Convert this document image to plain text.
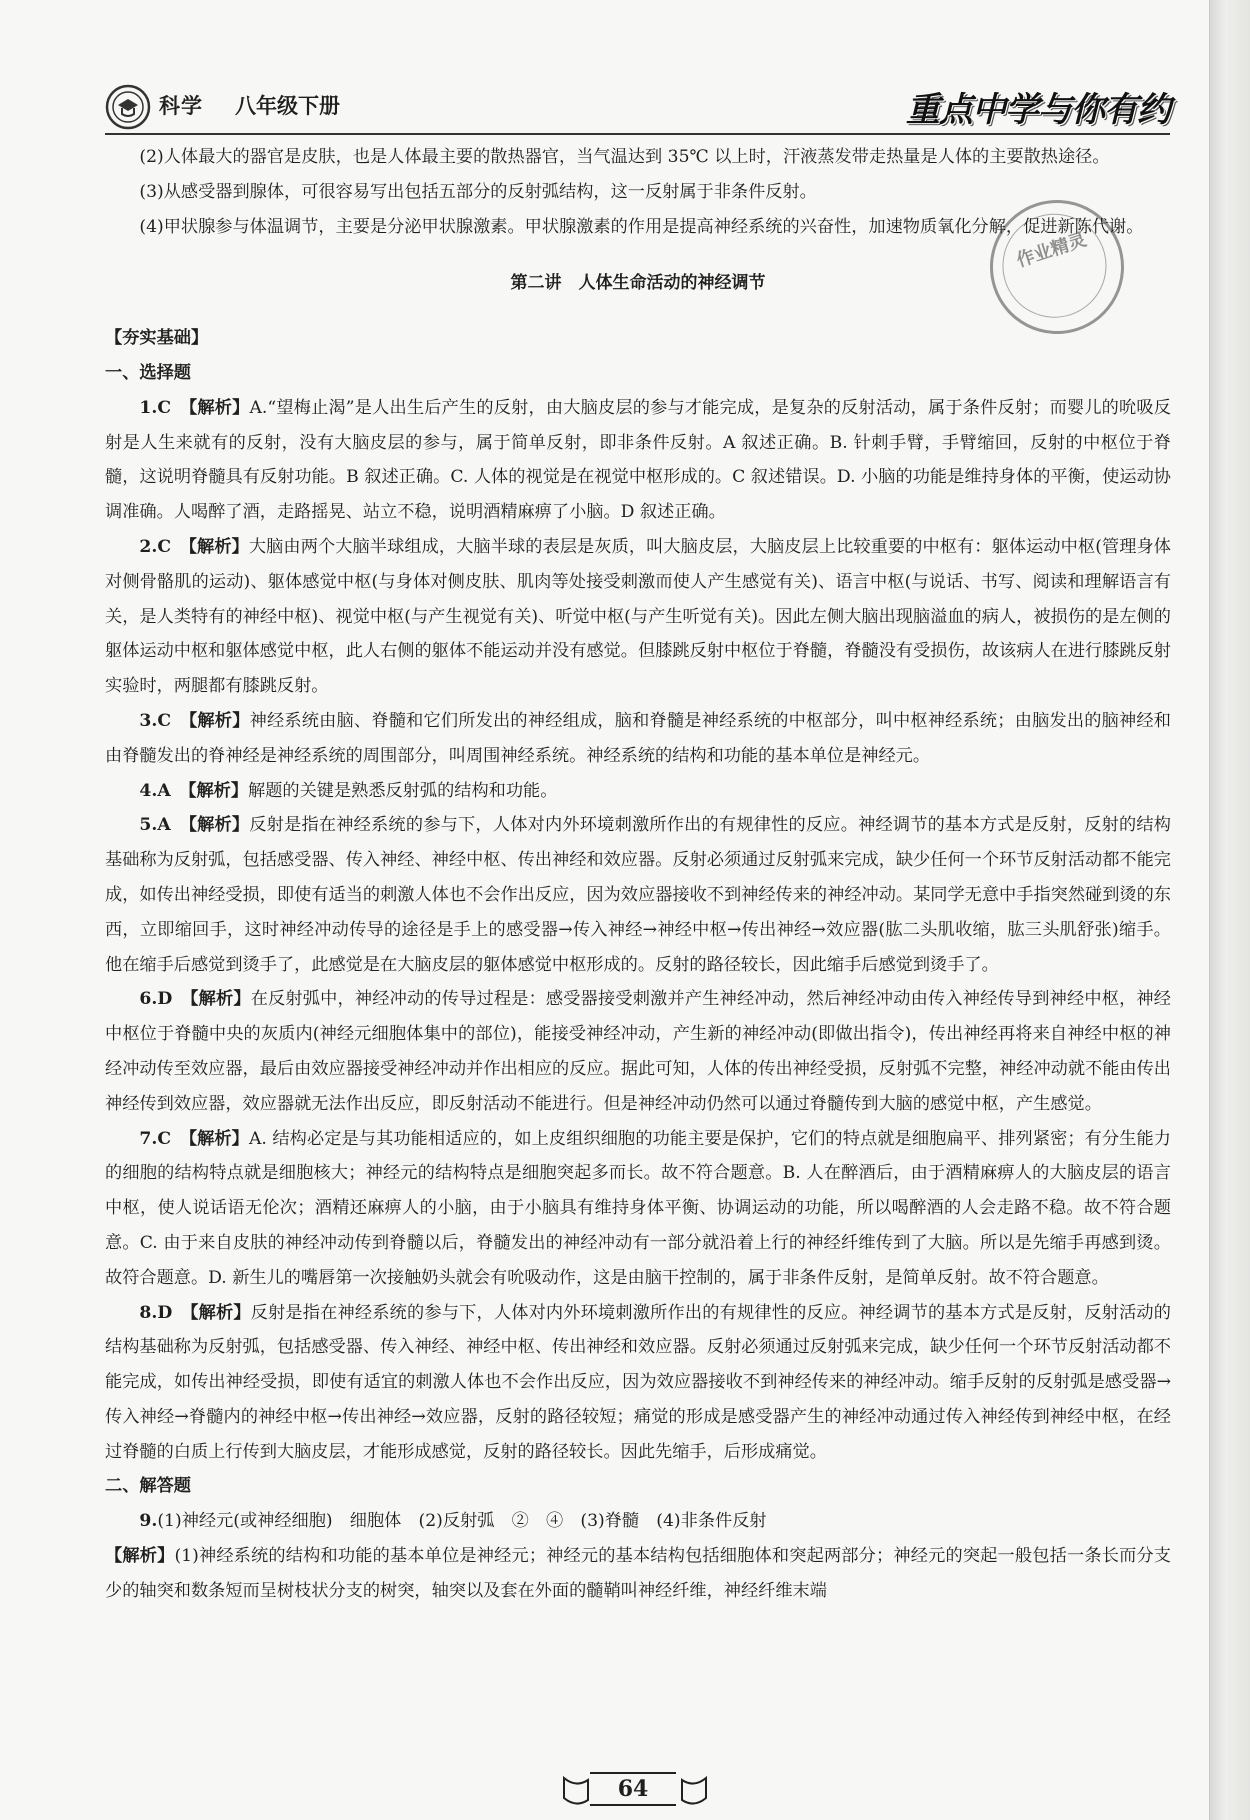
科学 八年级下册	重点中学与你有约
作业精灵

(2)人体最大的器官是皮肤，也是人体最主要的散热器官，当气温达到 35℃ 以上时，汗液蒸发带走热量是人体的主要散热途径。

(3)从感受器到腺体，可很容易写出包括五部分的反射弧结构，这一反射属于非条件反射。

(4)甲状腺参与体温调节，主要是分泌甲状腺激素。甲状腺激素的作用是提高神经系统的兴奋性，加速物质氧化分解，促进新陈代谢。

第二讲　人体生命活动的神经调节

【夯实基础】

一、选择题

1.C　 【解析】A.“望梅止渴”是人出生后产生的反射，由大脑皮层的参与才能完成，是复杂的反射活动，属于条件反射；而婴儿的吮吸反射是人生来就有的反射，没有大脑皮层的参与，属于简单反射，即非条件反射。A 叙述正确。B. 针刺手臂，手臂缩回，反射的中枢位于脊髓，这说明脊髓具有反射功能。B 叙述正确。C. 人体的视觉是在视觉中枢形成的。C 叙述错误。D. 小脑的功能是维持身体的平衡，使运动协调准确。人喝醉了酒，走路摇晃、站立不稳，说明酒精麻痹了小脑。D 叙述正确。

2.C　 【解析】大脑由两个大脑半球组成，大脑半球的表层是灰质，叫大脑皮层，大脑皮层上比较重要的中枢有：躯体运动中枢(管理身体对侧骨骼肌的运动)、躯体感觉中枢(与身体对侧皮肤、肌肉等处接受刺激而使人产生感觉有关)、语言中枢(与说话、书写、阅读和理解语言有关，是人类特有的神经中枢)、视觉中枢(与产生视觉有关)、听觉中枢(与产生听觉有关)。因此左侧大脑出现脑溢血的病人，被损伤的是左侧的躯体运动中枢和躯体感觉中枢，此人右侧的躯体不能运动并没有感觉。但膝跳反射中枢位于脊髓，脊髓没有受损伤，故该病人在进行膝跳反射实验时，两腿都有膝跳反射。

3.C　 【解析】神经系统由脑、脊髓和它们所发出的神经组成，脑和脊髓是神经系统的中枢部分，叫中枢神经系统；由脑发出的脑神经和由脊髓发出的脊神经是神经系统的周围部分，叫周围神经系统。神经系统的结构和功能的基本单位是神经元。

4.A　 【解析】解题的关键是熟悉反射弧的结构和功能。

5.A　 【解析】反射是指在神经系统的参与下，人体对内外环境刺激所作出的有规律性的反应。神经调节的基本方式是反射，反射的结构基础称为反射弧，包括感受器、传入神经、神经中枢、传出神经和效应器。反射必须通过反射弧来完成，缺少任何一个环节反射活动都不能完成，如传出神经受损，即使有适当的刺激人体也不会作出反应，因为效应器接收不到神经传来的神经冲动。某同学无意中手指突然碰到烫的东西，立即缩回手，这时神经冲动传导的途径是手上的感受器→传入神经→神经中枢→传出神经→效应器(肱二头肌收缩，肱三头肌舒张)缩手。他在缩手后感觉到烫手了，此感觉是在大脑皮层的躯体感觉中枢形成的。反射的路径较长，因此缩手后感觉到烫手了。

6.D　 【解析】在反射弧中，神经冲动的传导过程是：感受器接受刺激并产生神经冲动，然后神经冲动由传入神经传导到神经中枢，神经中枢位于脊髓中央的灰质内(神经元细胞体集中的部位)，能接受神经冲动，产生新的神经冲动(即做出指令)，传出神经再将来自神经中枢的神经冲动传至效应器，最后由效应器接受神经冲动并作出相应的反应。据此可知，人体的传出神经受损，反射弧不完整，神经冲动就不能由传出神经传到效应器，效应器就无法作出反应，即反射活动不能进行。但是神经冲动仍然可以通过脊髓传到大脑的感觉中枢，产生感觉。

7.C　 【解析】A. 结构必定是与其功能相适应的，如上皮组织细胞的功能主要是保护，它们的特点就是细胞扁平、排列紧密；有分生能力的细胞的结构特点就是细胞核大；神经元的结构特点是细胞突起多而长。故不符合题意。B. 人在醉酒后，由于酒精麻痹人的大脑皮层的语言中枢，使人说话语无伦次；酒精还麻痹人的小脑，由于小脑具有维持身体平衡、协调运动的功能，所以喝醉酒的人会走路不稳。故不符合题意。C. 由于来自皮肤的神经冲动传到脊髓以后，脊髓发出的神经冲动有一部分就沿着上行的神经纤维传到了大脑。所以是先缩手再感到烫。故符合题意。D. 新生儿的嘴唇第一次接触奶头就会有吮吸动作，这是由脑干控制的，属于非条件反射，是简单反射。故不符合题意。

8.D　 【解析】反射是指在神经系统的参与下，人体对内外环境刺激所作出的有规律性的反应。神经调节的基本方式是反射，反射活动的结构基础称为反射弧，包括感受器、传入神经、神经中枢、传出神经和效应器。反射必须通过反射弧来完成，缺少任何一个环节反射活动都不能完成，如传出神经受损，即使有适宜的刺激人体也不会作出反应，因为效应器接收不到神经传来的神经冲动。缩手反射的反射弧是感受器→传入神经→脊髓内的神经中枢→传出神经→效应器，反射的路径较短；痛觉的形成是感受器产生的神经冲动通过传入神经传到神经中枢，在经过脊髓的白质上行传到大脑皮层，才能形成感觉，反射的路径较长。因此先缩手，后形成痛觉。

二、解答题

9.(1)神经元(或神经细胞)　细胞体　(2)反射弧　②　④　(3)脊髓　(4)非条件反射

【解析】(1)神经系统的结构和功能的基本单位是神经元；神经元的基本结构包括细胞体和突起两部分；神经元的突起一般包括一条长而分支少的轴突和数条短而呈树枝状分支的树突，轴突以及套在外面的髓鞘叫神经纤维，神经纤维末端

64
